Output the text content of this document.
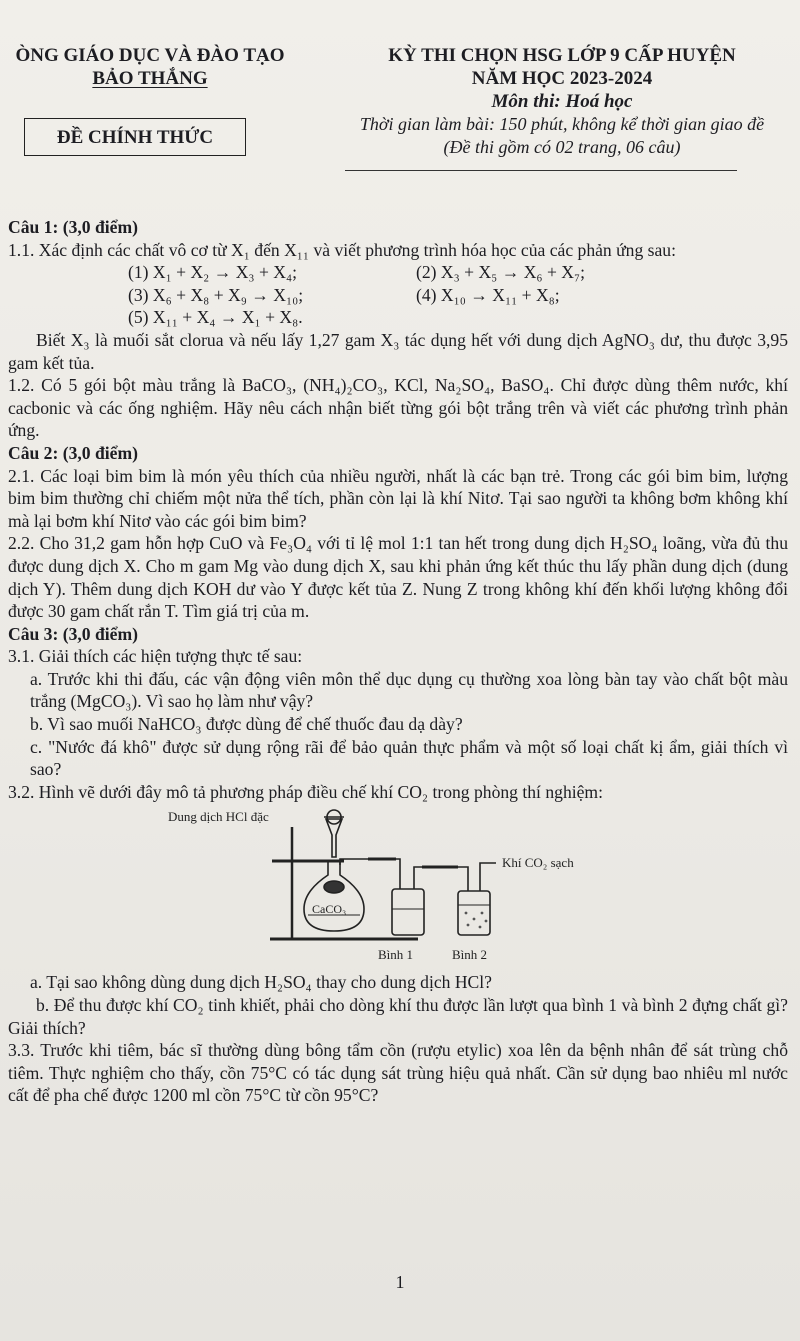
ÒNG GIÁO DỤC VÀ ĐÀO TẠO
BẢO THẮNG
ĐỀ CHÍNH THỨC
KỲ THI CHỌN HSG LỚP 9 CẤP HUYỆN
NĂM HỌC 2023-2024
Môn thi: Hoá học
Thời gian làm bài: 150 phút, không kể thời gian giao đề
(Đề thi gồm có 02 trang, 06 câu)

Câu 1: (3,0 điểm)

1.1. Xác định các chất vô cơ từ X₁ đến X₁₁ và viết phương trình hóa học của các phản ứng sau:

(1) X₁ + X₂ → X₃ + X₄;	(2) X₃ + X₅ → X₆ + X₇;
(3) X₆ + X₈ + X₉ → X₁₀;	(4) X₁₀ → X₁₁ + X₈;
(5) X₁₁ + X₄ → X₁ + X₈.

Biết X₃ là muối sắt clorua và nếu lấy 1,27 gam X₃ tác dụng hết với dung dịch AgNO₃ dư, thu được 3,95 gam kết tủa.

1.2. Có 5 gói bột màu trắng là BaCO₃, (NH₄)₂CO₃, KCl, Na₂SO₄, BaSO₄. Chỉ được dùng thêm nước, khí cacbonic và các ống nghiệm. Hãy nêu cách nhận biết từng gói bột trắng trên và viết các phương trình phản ứng.

Câu 2: (3,0 điểm)

2.1. Các loại bim bim là món yêu thích của nhiều người, nhất là các bạn trẻ. Trong các gói bim bim, lượng bim bim thường chỉ chiếm một nửa thể tích, phần còn lại là khí Nitơ. Tại sao người ta không bơm không khí mà lại bơm khí Nitơ vào các gói bim bim?

2.2. Cho 31,2 gam hỗn hợp CuO và Fe₃O₄ với tỉ lệ mol 1:1 tan hết trong dung dịch H₂SO₄ loãng, vừa đủ thu được dung dịch X. Cho m gam Mg vào dung dịch X, sau khi phản ứng kết thúc thu lấy phần dung dịch (dung dịch Y). Thêm dung dịch KOH dư vào Y được kết tủa Z. Nung Z trong không khí đến khối lượng không đổi được 30 gam chất rắn T. Tìm giá trị của m.

Câu 3: (3,0 điểm)

3.1. Giải thích các hiện tượng thực tế sau:

a. Trước khi thi đấu, các vận động viên môn thể dục dụng cụ thường xoa lòng bàn tay vào chất bột màu trắng (MgCO₃). Vì sao họ làm như vậy?

b. Vì sao muối NaHCO₃ được dùng để chế thuốc đau dạ dày?

c. "Nước đá khô" được sử dụng rộng rãi để bảo quản thực phẩm và một số loại chất kị ẩm, giải thích vì sao?

3.2. Hình vẽ dưới đây mô tả phương pháp điều chế khí CO₂ trong phòng thí nghiệm:

Dung dịch HCl đặc
Khí CO₂ sạch
CaCO₃
Bình 1	Bình 2

a. Tại sao không dùng dung dịch H₂SO₄ thay cho dung dịch HCl?

b. Để thu được khí CO₂ tinh khiết, phải cho dòng khí thu được lần lượt qua bình 1 và bình 2 đựng chất gì? Giải thích?

3.3. Trước khi tiêm, bác sĩ thường dùng bông tẩm cồn (rượu etylic) xoa lên da bệnh nhân để sát trùng chỗ tiêm. Thực nghiệm cho thấy, cồn 75°C có tác dụng sát trùng hiệu quả nhất. Cần sử dụng bao nhiêu ml nước cất để pha chế được 1200 ml cồn 75°C từ cồn 95°C?

1
